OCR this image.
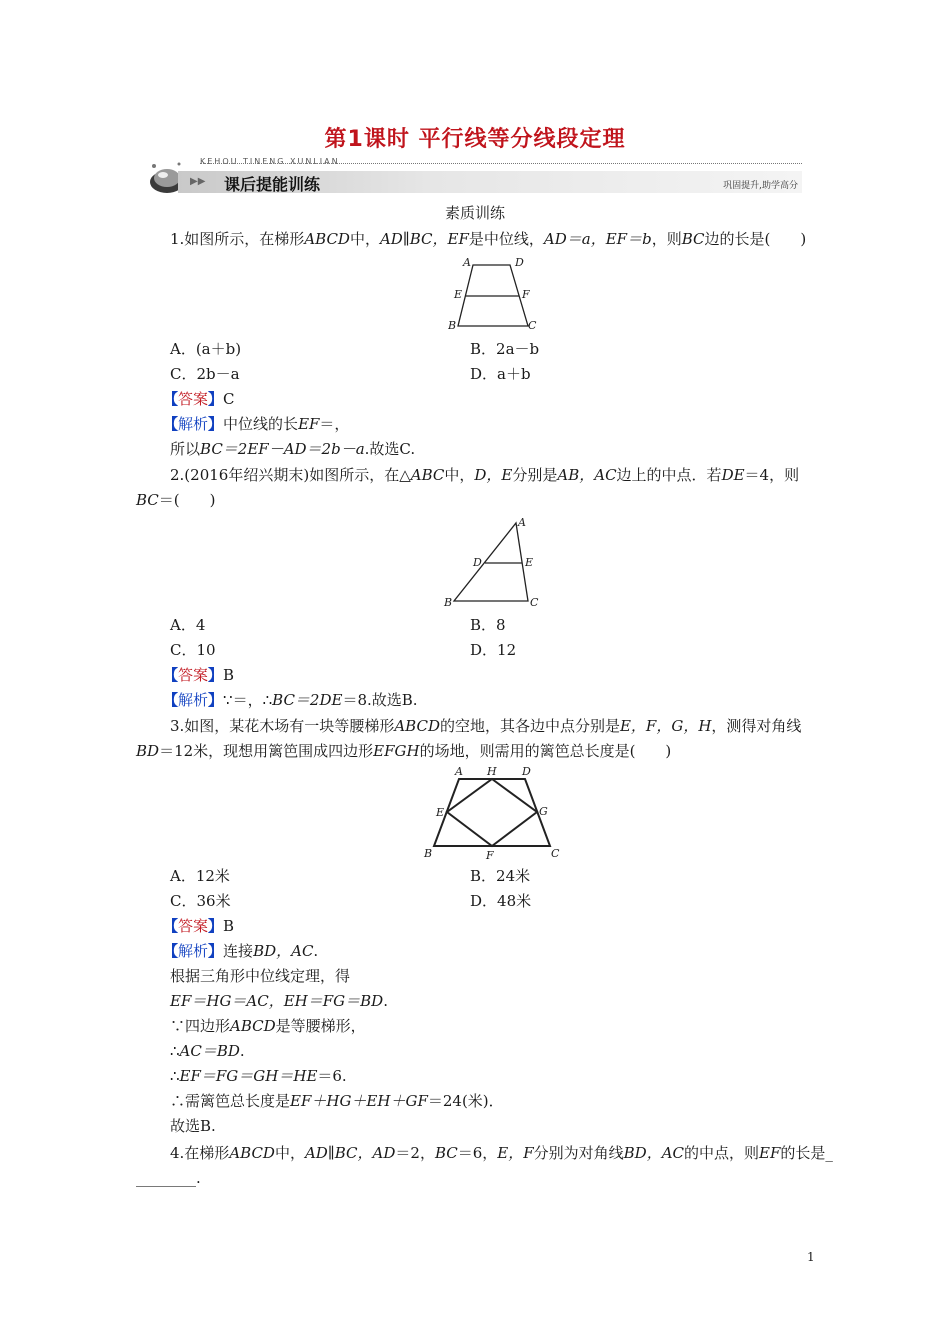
第1课时 平行线等分线段定理
KEHOU TINENG XUNLIAN
▶▶ 课后提能训练	巩固提升,助学高分
素质训练
1.如图所示，在梯形ABCD中，AD∥BC，EF是中位线，AD＝a，EF＝b，则BC边的长是(　　)
A	D
E	F
B	C
A．(a＋b)	B．2a－b
C．2b－a	D．a＋b
【答案】C
【解析】中位线的长EF＝，
所以BC＝2EF－AD＝2b－a.故选C.
2.(2016年绍兴期末)如图所示，在△ABC中，D，E分别是AB，AC边上的中点．若DE＝4，则
BC＝(　　)
A
D	E
B	C
A．4	B．8
C．10	D．12
【答案】B
【解析】∵＝，∴BC＝2DE＝8.故选B.
3.如图，某花木场有一块等腰梯形ABCD的空地，其各边中点分别是E，F，G，H，测得对角线
BD＝12米，现想用篱笆围成四边形EFGH的场地，则需用的篱笆总长度是(　　)
A H D
E	G
B	F	C
A．12米	B．24米
C．36米	D．48米
【答案】B
【解析】连接BD，AC.
根据三角形中位线定理，得
EF＝HG＝AC，EH＝FG＝BD.
∵四边形ABCD是等腰梯形，
∴AC＝BD.
∴EF＝FG＝GH＝HE＝6.
∴需篱笆总长度是EF＋HG＋EH＋GF＝24(米)．
故选B.
4.在梯形ABCD中，AD∥BC，AD＝2，BC＝6，E，F分别为对角线BD，AC的中点，则EF的长是_
________.
1
